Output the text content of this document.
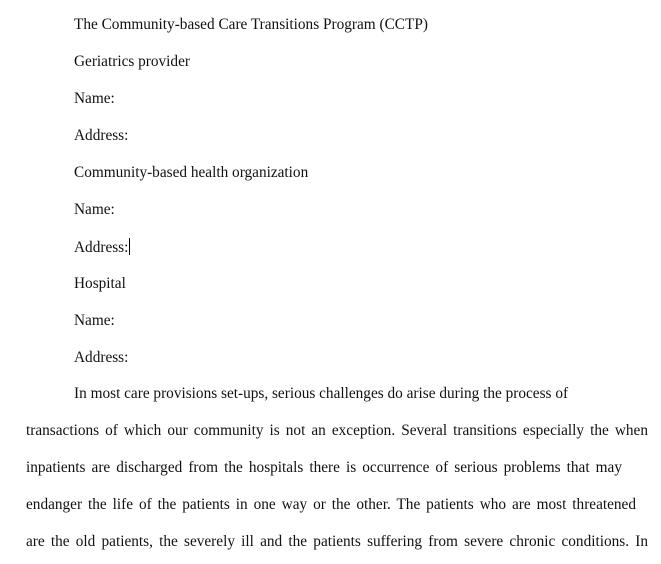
The Community-based Care Transitions Program (CCTP)
Geriatrics provider
Name:
Address:
Community-based health organization
Name:
Address:
Hospital
Name:
Address:
In most care provisions set-ups, serious challenges do arise during the process of
transactions of which our community is not an exception. Several transitions especially the when
inpatients are discharged from the hospitals there is occurrence of serious problems that may
endanger the life of the patients in one way or the other. The patients who are most threatened
are the old patients, the severely ill and the patients suffering from severe chronic conditions. In
